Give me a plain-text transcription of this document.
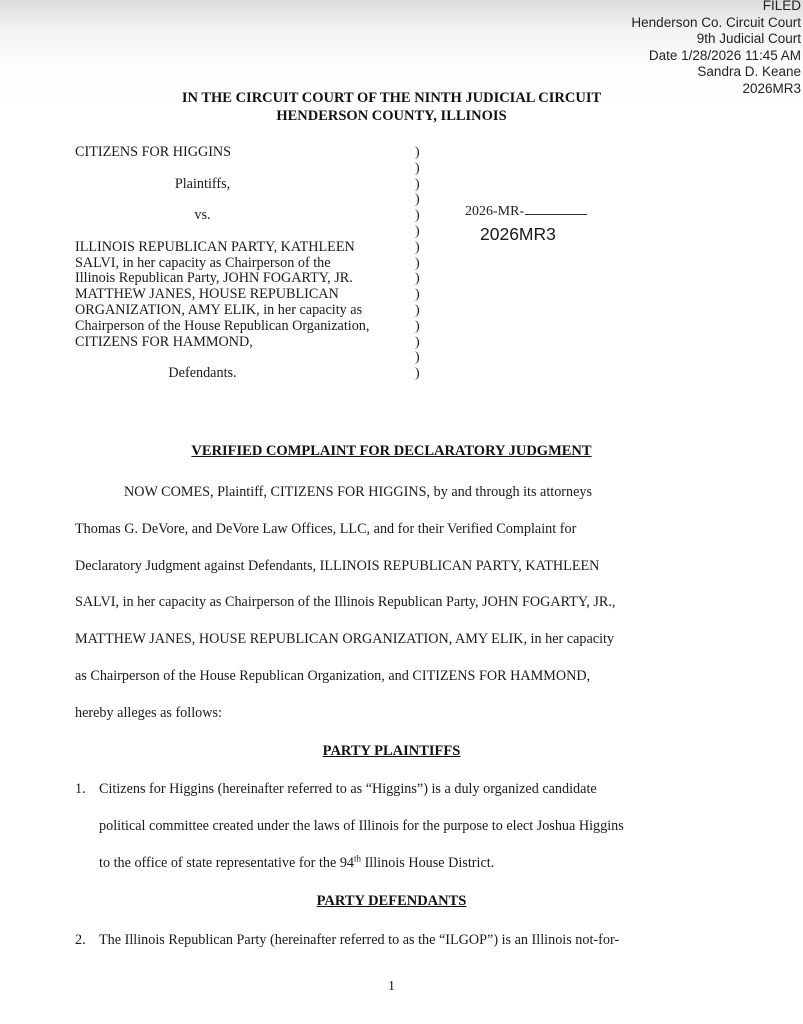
FILED
Henderson Co. Circuit Court
9th Judicial Court
Date 1/28/2026 11:45 AM
Sandra D. Keane
2026MR3
IN THE CIRCUIT COURT OF THE NINTH JUDICIAL CIRCUIT
HENDERSON COUNTY, ILLINOIS
CITIZENS FOR HIGGINS	)
)
Plaintiffs,	)
)
vs.	)
)
ILLINOIS REPUBLICAN PARTY, KATHLEEN	)
SALVI, in her capacity as Chairperson of the	)
Illinois Republican Party, JOHN FOGARTY, JR.	)
MATTHEW JANES, HOUSE REPUBLICAN	)
ORGANIZATION, AMY ELIK, in her capacity as	)
Chairperson of the House Republican Organization,	)
CITIZENS FOR HAMMOND,	)
)
Defendants.	)
2026-MR-
2026MR3
VERIFIED COMPLAINT FOR DECLARATORY JUDGMENT
NOW COMES, Plaintiff, CITIZENS FOR HIGGINS, by and through its attorneys
Thomas G. DeVore, and DeVore Law Offices, LLC, and for their Verified Complaint for
Declaratory Judgment against Defendants, ILLINOIS REPUBLICAN PARTY, KATHLEEN
SALVI, in her capacity as Chairperson of the Illinois Republican Party, JOHN FOGARTY, JR.,
MATTHEW JANES, HOUSE REPUBLICAN ORGANIZATION, AMY ELIK, in her capacity
as Chairperson of the House Republican Organization, and CITIZENS FOR HAMMOND,
hereby alleges as follows:
PARTY PLAINTIFFS
1. Citizens for Higgins (hereinafter referred to as “Higgins”) is a duly organized candidate
political committee created under the laws of Illinois for the purpose to elect Joshua Higgins
to the office of state representative for the 94th Illinois House District.
PARTY DEFENDANTS
2. The Illinois Republican Party (hereinafter referred to as the “ILGOP”) is an Illinois not-for-
1
